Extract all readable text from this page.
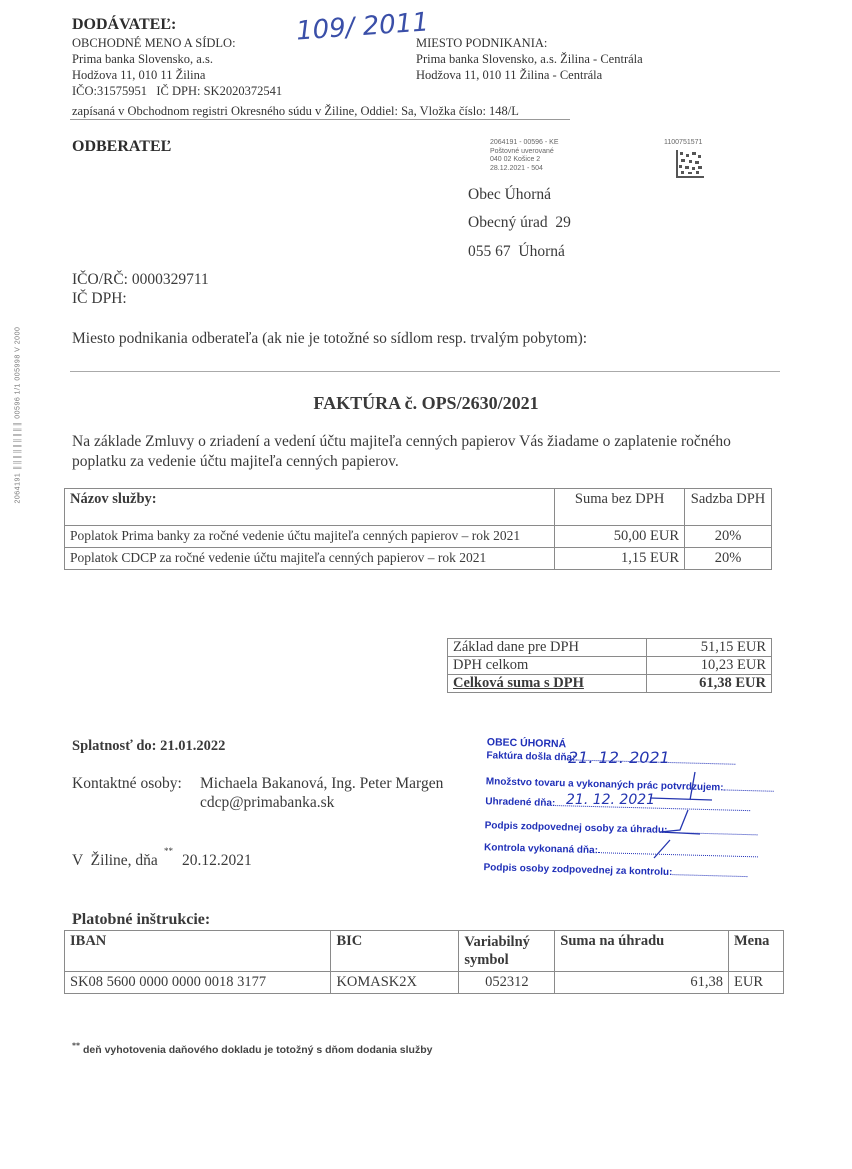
109/ 2011
DODÁVATEĽ:
OBCHODNÉ MENO A SÍDLO:
Prima banka Slovensko, a.s.
Hodžova 11, 010 11 Žilina
IČO:31575951   IČ DPH: SK2020372541
MIESTO PODNIKANIA:
Prima banka Slovensko, a.s. Žilina - Centrála
Hodžova 11, 010 11 Žilina - Centrála
zapísaná v Obchodnom registri Okresného súdu v Žiline, Oddiel: Sa, Vložka číslo: 148/L
ODBERATEĽ	2064191 - 00596 - KE
Poštovné uverované
040 02 Košice 2
28.12.2021 - 504
1100751571
Obec Úhorná
Obecný úrad  29
055 67  Úhorná
IČO/RČ: 0000329711
IČ DPH:
Miesto podnikania odberateľa (ak nie je totožné so sídlom resp. trvalým pobytom):
2064191 ║║║║║║║║║ 00596 1/1 005998 V 2000	FAKTÚRA č. OPS/2630/2021
Na základe Zmluvy o zriadení a vedení účtu majiteľa cenných papierov Vás žiadame o zaplatenie ročného poplatku za vedenie účtu majiteľa cenných papierov.
Názov služby:	Suma bez DPH	Sadzba DPH
Poplatok Prima banky za ročné vedenie účtu majiteľa cenných papierov – rok 2021	50,00 EUR	20%
Poplatok CDCP za ročné vedenie účtu majiteľa cenných papierov – rok 2021	1,15 EUR	20%
Základ dane pre DPH	51,15 EUR
DPH celkom	10,23 EUR
Celková suma s DPH	61,38 EUR
Splatnosť do: 21.01.2022
Kontaktné osoby: Michaela Bakanová, Ing. Peter Margen
cdcp@primabanka.sk
V  Žiline, dňa
**
20.12.2021
OBEC ÚHORNÁ
Faktúra došla dňa:
Množstvo tovaru a vykonaných prác potvrdzujem:
Uhradené dňa:
Podpis zodpovednej osoby za úhradu:
Kontrola vykonaná dňa:
Podpis osoby zodpovednej za kontrolu:
21. 12. 2021
21. 12. 2021
Platobné inštrukcie:
IBAN	BIC	Variabilný symbol	Suma na úhradu	Mena
SK08 5600 0000 0000 0018 3177	KOMASK2X	052312	61,38	EUR
** deň vyhotovenia daňového dokladu je totožný s dňom dodania služby
